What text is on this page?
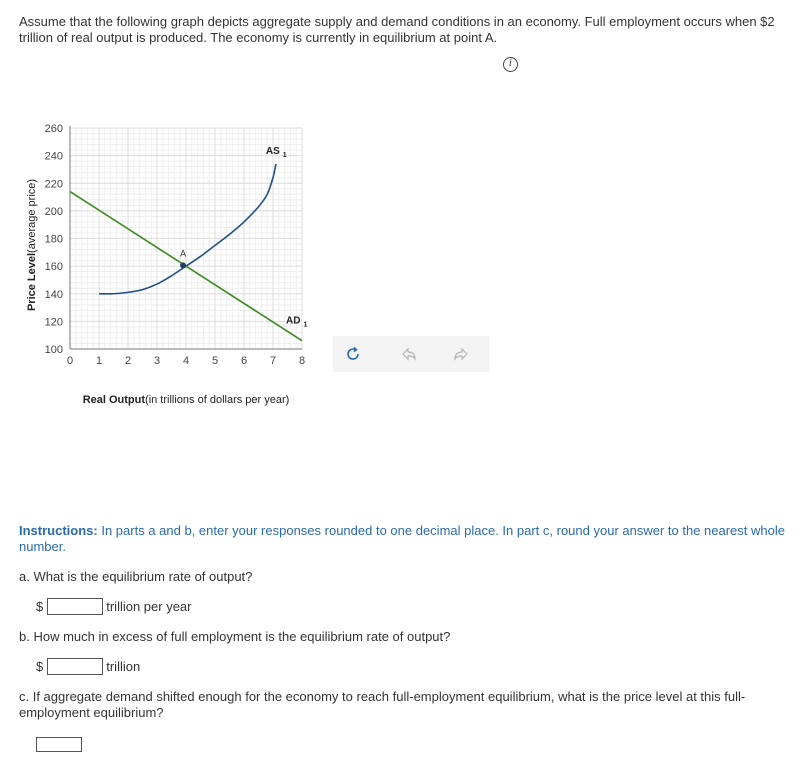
Assume that the following graph depicts aggregate supply and demand conditions in an economy. Full employment occurs when $2 trillion of real output is produced. The economy is currently in equilibrium at point A.
i
0 1 2 3 4 5 6 7 8
100
120
140
160
180
200
220
240
260
Real Output(in trillions of dollars per year)
Price Level(average price)
AS $_1$
AD $_1$
A
Instructions: In parts a and b, enter your responses rounded to one decimal place. In part c, round your answer to the nearest whole number.
a. What is the equilibrium rate of output?
$	trillion per year
b. How much in excess of full employment is the equilibrium rate of output?
$	trillion
c. If aggregate demand shifted enough for the economy to reach full-employment equilibrium, what is the price level at this full-employment equilibrium?
